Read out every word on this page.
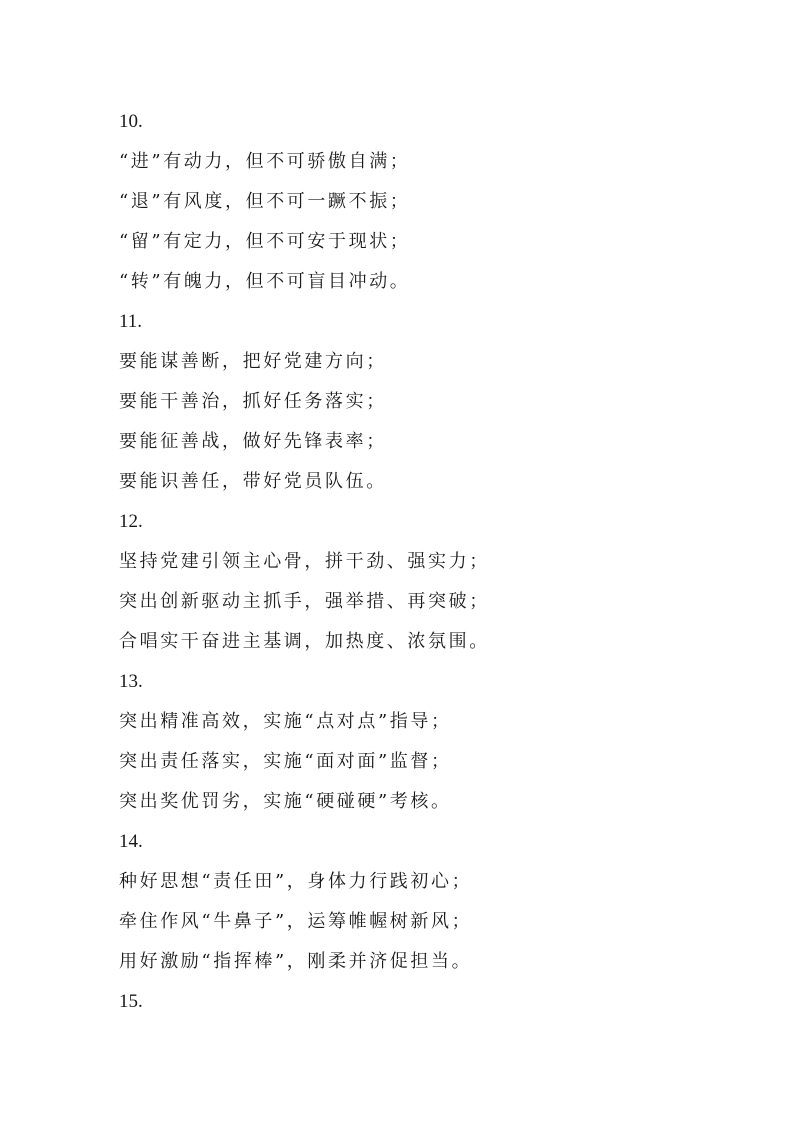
10.
“进”有动力，但不可骄傲自满；
“退”有风度，但不可一蹶不振；
“留”有定力，但不可安于现状；
“转”有魄力，但不可盲目冲动。
11.
要能谋善断，把好党建方向；
要能干善治，抓好任务落实；
要能征善战，做好先锋表率；
要能识善任，带好党员队伍。
12.
坚持党建引领主心骨，拼干劲、强实力；
突出创新驱动主抓手，强举措、再突破；
合唱实干奋进主基调，加热度、浓氛围。
13.
突出精准高效，实施“点对点”指导；
突出责任落实，实施“面对面”监督；
突出奖优罚劣，实施“硬碰硬”考核。
14.
种好思想“责任田”，身体力行践初心；
牵住作风“牛鼻子”，运筹帷幄树新风；
用好激励“指挥棒”，刚柔并济促担当。
15.
